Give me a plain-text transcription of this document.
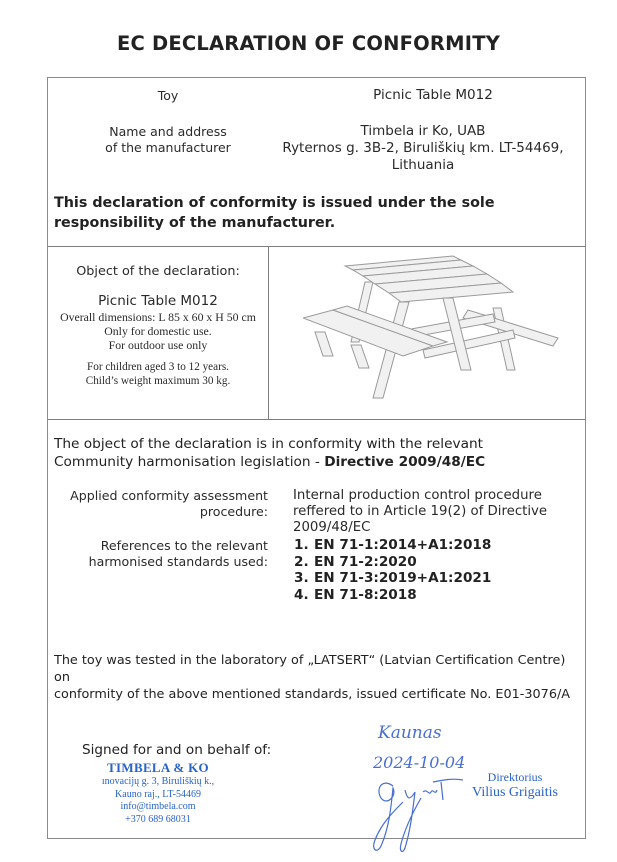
EC DECLARATION OF CONFORMITY
Toy	Picnic Table M012
Name and address
of the manufacturer
Timbela ir Ko, UAB
Ryternos g. 3B-2, Biruliškių km. LT-54469,
Lithuania
This declaration of conformity is issued under the sole responsibility of the manufacturer.
Object of the declaration:
Picnic Table M012
Overall dimensions: L 85 x 60 x H 50 cm
Only for domestic use.
For outdoor use only
For children aged 3 to 12 years.
Child’s weight maximum 30 kg.
The object of the declaration is in conformity with the relevant Community harmonisation legislation - Directive 2009/48/EC
Applied conformity assessment
procedure:
Internal production control procedure
reffered to in Article 19(2) of Directive
2009/48/EC
References to the relevant
harmonised standards used:
1. EN 71-1:2014+A1:2018
2. EN 71-2:2020
3. EN 71-3:2019+A1:2021
4. EN 71-8:2018
The toy was tested in the laboratory of „LATSERT“ (Latvian Certification Centre) on
conformity of the above mentioned standards, issued certificate No. E01-3076/A
Signed for and on behalf of:
TIMBELA & KO
ınovacijų g. 3, Biruliškių k.,
Kauno raj., LT-54469
info@timbela.com
+370 689 68031
Kaunas
2024-10-04
Direktorius
Vilius Grigaitis
